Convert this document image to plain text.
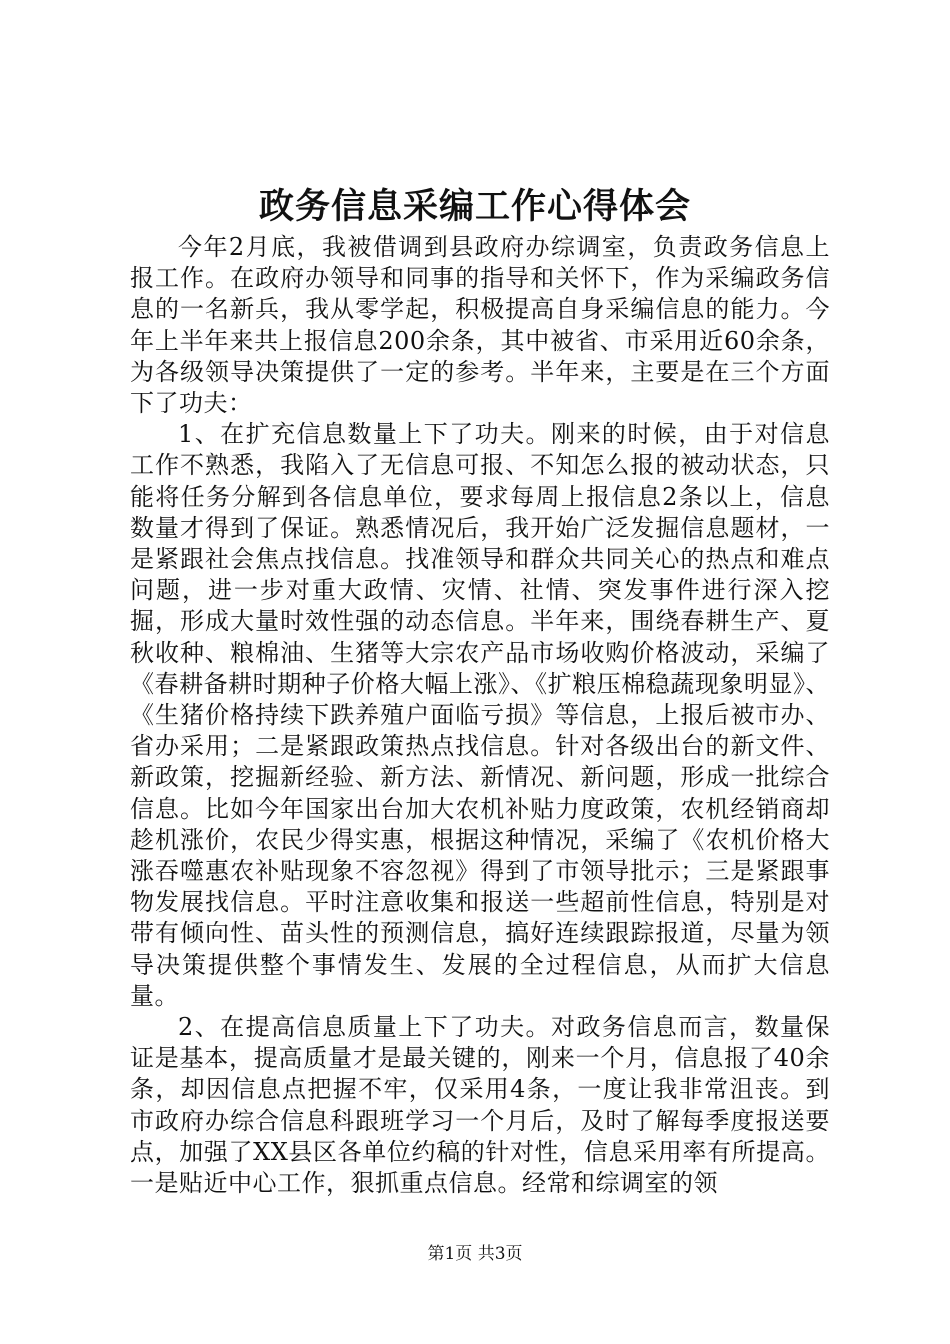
政务信息采编工作心得体会

今年2月底，我被借调到县政府办综调室，负责政务信息上报工作。在政府办领导和同事的指导和关怀下，作为采编政务信息的一名新兵，我从零学起，积极提高自身采编信息的能力。今年上半年来共上报信息200余条，其中被省、市采用近60余条，为各级领导决策提供了一定的参考。半年来，主要是在三个方面下了功夫：

1、在扩充信息数量上下了功夫。刚来的时候，由于对信息工作不熟悉，我陷入了无信息可报、不知怎么报的被动状态，只能将任务分解到各信息单位，要求每周上报信息2条以上，信息数量才得到了保证。熟悉情况后，我开始广泛发掘信息题材，一是紧跟社会焦点找信息。找准领导和群众共同关心的热点和难点问题，进一步对重大政情、灾情、社情、突发事件进行深入挖掘，形成大量时效性强的动态信息。半年来，围绕春耕生产、夏秋收种、粮棉油、生猪等大宗农产品市场收购价格波动，采编了《春耕备耕时期种子价格大幅上涨》、《扩粮压棉稳蔬现象明显》、《生猪价格持续下跌养殖户面临亏损》等信息，上报后被市办、省办采用；二是紧跟政策热点找信息。针对各级出台的新文件、新政策，挖掘新经验、新方法、新情况、新问题，形成一批综合信息。比如今年国家出台加大农机补贴力度政策，农机经销商却趁机涨价，农民少得实惠，根据这种情况，采编了《农机价格大涨吞噬惠农补贴现象不容忽视》得到了市领导批示；三是紧跟事物发展找信息。平时注意收集和报送一些超前性信息，特别是对带有倾向性、苗头性的预测信息，搞好连续跟踪报道，尽量为领导决策提供整个事情发生、发展的全过程信息，从而扩大信息量。

2、在提高信息质量上下了功夫。对政务信息而言，数量保证是基本，提高质量才是最关键的，刚来一个月，信息报了40余条，却因信息点把握不牢，仅采用4条，一度让我非常沮丧。到市政府办综合信息科跟班学习一个月后，及时了解每季度报送要点，加强了XX县区各单位约稿的针对性，信息采用率有所提高。一是贴近中心工作，狠抓重点信息。经常和综调室的领

第1页 共3页
